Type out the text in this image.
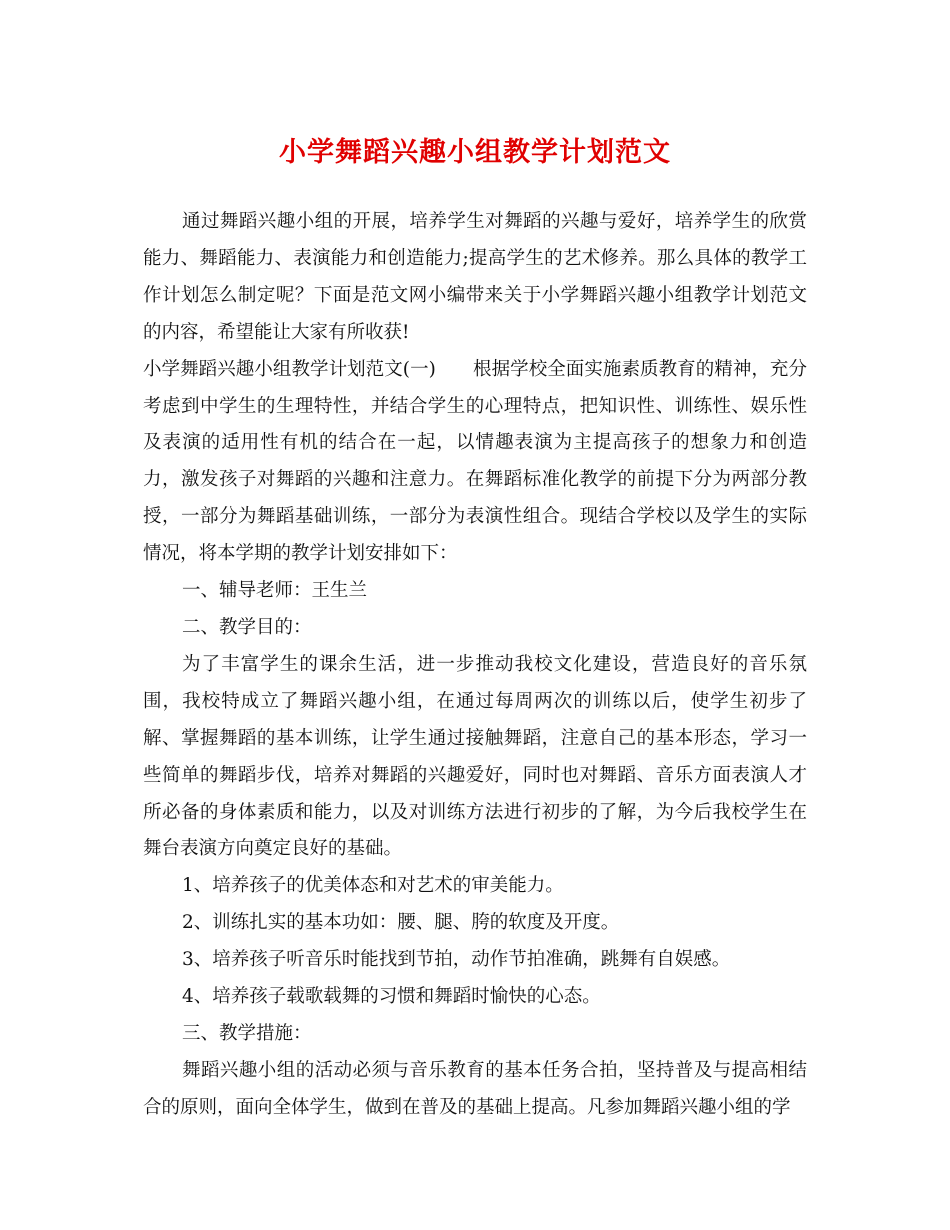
小学舞蹈兴趣小组教学计划范文

通过舞蹈兴趣小组的开展，培养学生对舞蹈的兴趣与爱好，培养学生的欣赏能力、舞蹈能力、表演能力和创造能力;提高学生的艺术修养。那么具体的教学工作计划怎么制定呢？下面是范文网小编带来关于小学舞蹈兴趣小组教学计划范文的内容，希望能让大家有所收获!

小学舞蹈兴趣小组教学计划范文(一)　　根据学校全面实施素质教育的精神，充分考虑到中学生的生理特性，并结合学生的心理特点，把知识性、训练性、娱乐性及表演的适用性有机的结合在一起，以情趣表演为主提高孩子的想象力和创造力，激发孩子对舞蹈的兴趣和注意力。在舞蹈标准化教学的前提下分为两部分教授，一部分为舞蹈基础训练，一部分为表演性组合。现结合学校以及学生的实际情况，将本学期的教学计划安排如下：

一、辅导老师：王生兰

二、教学目的：

为了丰富学生的课余生活，进一步推动我校文化建设，营造良好的音乐氛围，我校特成立了舞蹈兴趣小组，在通过每周两次的训练以后，使学生初步了解、掌握舞蹈的基本训练，让学生通过接触舞蹈，注意自己的基本形态，学习一些简单的舞蹈步伐，培养对舞蹈的兴趣爱好，同时也对舞蹈、音乐方面表演人才所必备的身体素质和能力，以及对训练方法进行初步的了解，为今后我校学生在舞台表演方向奠定良好的基础。

1、培养孩子的优美体态和对艺术的审美能力。

2、训练扎实的基本功如：腰、腿、胯的软度及开度。

3、培养孩子听音乐时能找到节拍，动作节拍准确，跳舞有自娱感。

4、培养孩子载歌载舞的习惯和舞蹈时愉快的心态。

三、教学措施：

舞蹈兴趣小组的活动必须与音乐教育的基本任务合拍，坚持普及与提高相结合的原则，面向全体学生，做到在普及的基础上提高。凡参加舞蹈兴趣小组的学
